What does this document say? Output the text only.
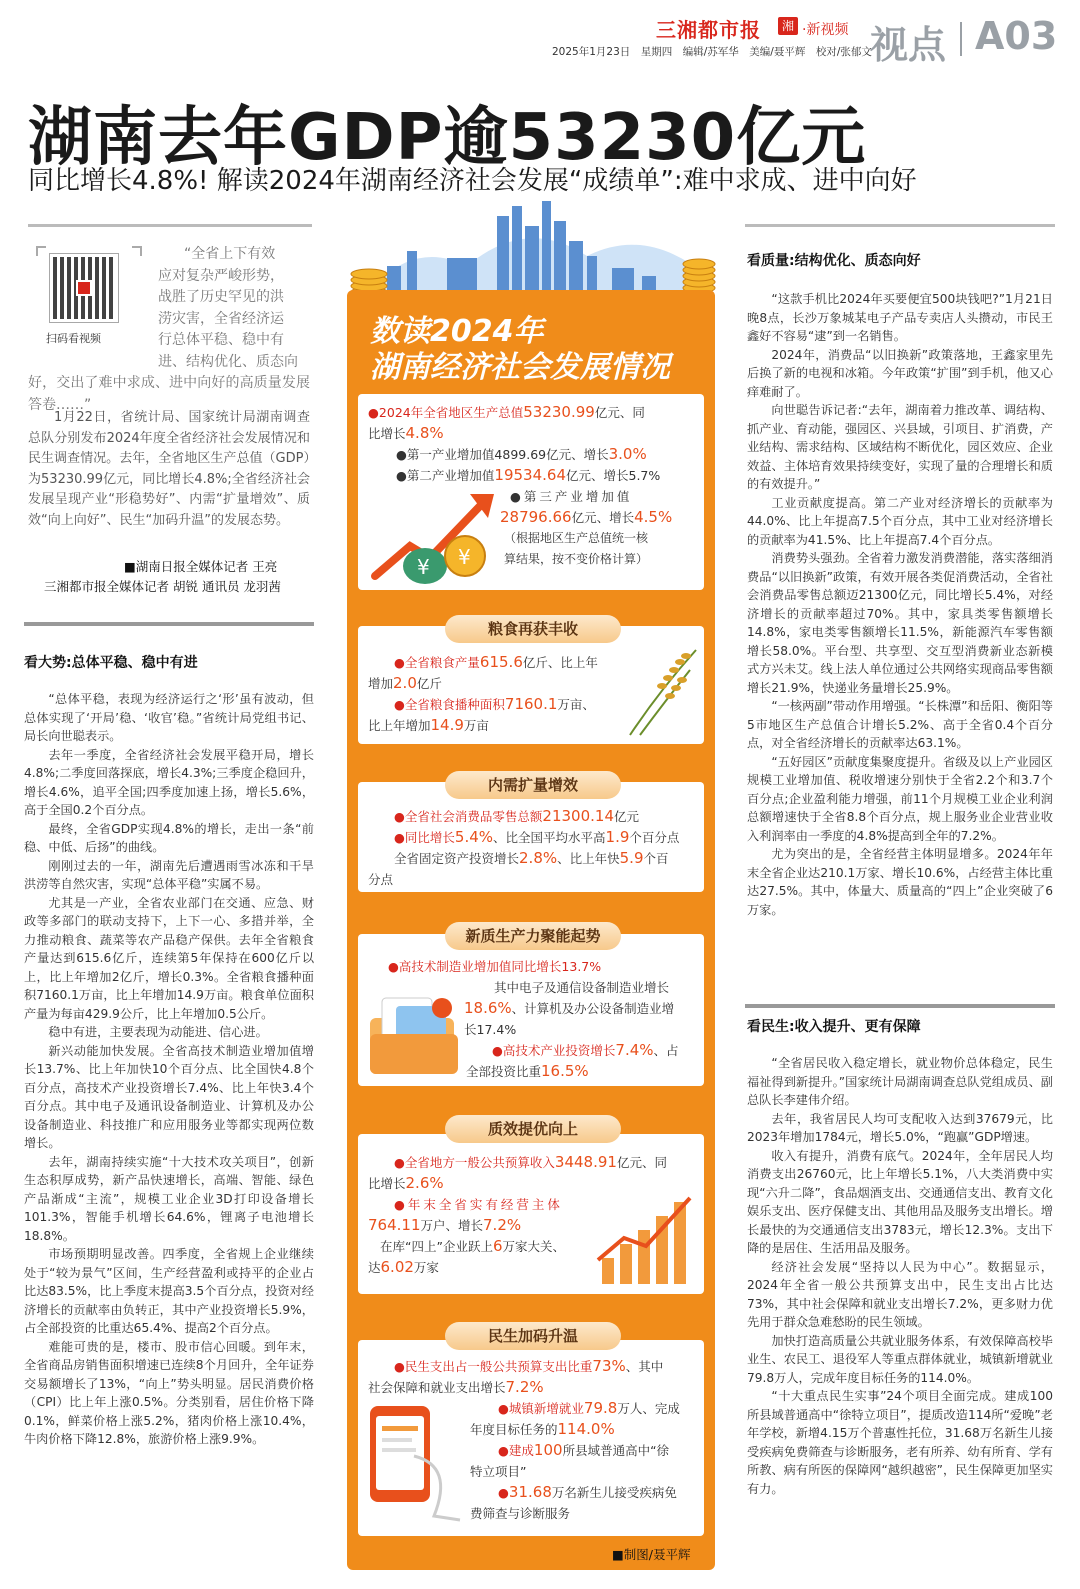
三湘都市报	湘 ·新视频
2025年1月23日　星期四　编辑/苏军华　美编/聂平辉　校对/张郁文
视点 A03
湖南去年GDP逾53230亿元
同比增长4.8%! 解读2024年湖南经济社会发展“成绩单”:难中求成、进中向好
扫码看视频
“全省上下有效
应对复杂严峻形势，
战胜了历史罕见的洪
涝灾害，全省经济运
行总体平稳、稳中有
进、结构优化、质态向
好，交出了难中求成、进中向好的高质量发展答卷……”
1月22日，省统计局、国家统计局湖南调查总队分别发布2024年度全省经济社会发展情况和民生调查情况。去年，全省地区生产总值（GDP）为53230.99亿元，同比增长4.8%;全省经济社会发展呈现产业“形稳势好”、内需“扩量增效”、质效“向上向好”、民生“加码升温”的发展态势。
■湖南日报全媒体记者 王亮
三湘都市报全媒体记者 胡锐 通讯员 龙羽茜
看大势:总体平稳、稳中有进

“总体平稳，表现为经济运行之‘形’虽有波动，但总体实现了‘开局’稳、‘收官’稳。”省统计局党组书记、局长向世聪表示。

去年一季度，全省经济社会发展平稳开局，增长4.8%;二季度回落探底，增长4.3%;三季度企稳回升，增长4.6%，追平全国;四季度加速上扬，增长5.6%，高于全国0.2个百分点。

最终，全省GDP实现4.8%的增长，走出一条“前稳、中低、后扬”的曲线。

刚刚过去的一年，湖南先后遭遇雨雪冰冻和干旱洪涝等自然灾害，实现“总体平稳”实属不易。

尤其是一产业，全省农业部门在交通、应急、财政等多部门的联动支持下，上下一心、多措并举，全力推动粮食、蔬菜等农产品稳产保供。去年全省粮食产量达到615.6亿斤，连续第5年保持在600亿斤以上，比上年增加2亿斤，增长0.3%。全省粮食播种面积7160.1万亩，比上年增加14.9万亩。粮食单位面积产量为每亩429.9公斤，比上年增加0.5公斤。

稳中有进，主要表现为动能进、信心进。

新兴动能加快发展。全省高技术制造业增加值增长13.7%、比上年加快10个百分点、比全国快4.8个百分点，高技术产业投资增长7.4%、比上年快3.4个百分点。其中电子及通讯设备制造业、计算机及办公设备制造业、科技推广和应用服务业等都实现两位数增长。

去年，湖南持续实施“十大技术攻关项目”，创新生态积厚成势，新产品快速增长，高端、智能、绿色产品渐成“主流”，规模工业企业3D打印设备增长101.3%，智能手机增长64.6%，锂离子电池增长18.8%。

市场预期明显改善。四季度，全省规上企业继续处于“较为景气”区间，生产经营盈利或持平的企业占比达83.5%，比上季度末提高3.5个百分点，投资对经济增长的贡献率由负转正，其中产业投资增长5.9%，占全部投资的比重达65.4%、提高2个百分点。

难能可贵的是，楼市、股市信心回暖。到年末，全省商品房销售面积增速已连续8个月回升，全年证券交易额增长了13%，“向上”势头明显。居民消费价格（CPI）比上年上涨0.5%。分类别看，居住价格下降0.1%，鲜菜价格上涨5.2%，猪肉价格上涨10.4%，牛肉价格下降12.8%，旅游价格上涨9.9%。

数读2024年
湖南经济社会发展情况
●2024年全省地区生产总值53230.99亿元、同
比增长4.8%
●第一产业增加值4899.69亿元、增长3.0%
●第二产业增加值19534.64亿元、增长5.7%
●第三产业增加值
28796.66亿元、增长4.5%
（根据地区生产总值统一核
算结果，按不变价格计算）
¥ ¥
粮食再获丰收
●全省粮食产量615.6亿斤、比上年
增加2.0亿斤
●全省粮食播种面积7160.1万亩、
比上年增加14.9万亩
内需扩量增效
●全省社会消费品零售总额21300.14亿元
●同比增长5.4%、比全国平均水平高1.9个百分点
全省固定资产投资增长2.8%、比上年快5.9个百
分点
新质生产力聚能起势
●高技术制造业增加值同比增长13.7%
其中电子及通信设备制造业增长
18.6%、计算机及办公设备制造业增
长17.4%
●高技术产业投资增长7.4%、占
全部投资比重16.5%
质效提优向上
●全省地方一般公共预算收入3448.91亿元、同
比增长2.6%
●年末全省实有经营主体
764.11万户、增长7.2%
在库“四上”企业跃上6万家大关、
达6.02万家
民生加码升温
●民生支出占一般公共预算支出比重73%、其中
社会保障和就业支出增长7.2%
●城镇新增就业79.8万人、完成
年度目标任务的114.0%
●建成100所县域普通高中“徐
特立项目”
●31.68万名新生儿接受疾病免
费筛查与诊断服务
■制图/聂平辉
看质量:结构优化、质态向好

“这款手机比2024年买要便宜500块钱吧?”1月21日晚8点，长沙万象城某电子产品专卖店人头攒动，市民王鑫好不容易“逮”到一名销售。

2024年，消费品“以旧换新”政策落地，王鑫家里先后换了新的电视和冰箱。今年政策“扩围”到手机，他又心痒难耐了。

向世聪告诉记者:“去年，湖南着力推改革、调结构、抓产业、育动能，强园区、兴县域，引项目、扩消费，产业结构、需求结构、区域结构不断优化，园区效应、企业效益、主体培育效果持续变好，实现了量的合理增长和质的有效提升。”

工业贡献度提高。第二产业对经济增长的贡献率为44.0%、比上年提高7.5个百分点，其中工业对经济增长的贡献率为41.5%、比上年提高7.4个百分点。

消费势头强劲。全省着力激发消费潜能，落实落细消费品“以旧换新”政策，有效开展各类促消费活动，全省社会消费品零售总额迈21300亿元，同比增长5.4%，对经济增长的贡献率超过70%。其中，家具类零售额增长14.8%，家电类零售额增长11.5%，新能源汽车零售额增长58.0%。平台型、共享型、交互型消费新业态新模式方兴未艾。线上法人单位通过公共网络实现商品零售额增长21.9%，快递业务量增长25.9%。

“一核两副”带动作用增强。“长株潭”和岳阳、衡阳等5市地区生产总值合计增长5.2%、高于全省0.4个百分点，对全省经济增长的贡献率达63.1%。

“五好园区”贡献度集聚度提升。省级及以上产业园区规模工业增加值、税收增速分别快于全省2.2个和3.7个百分点;企业盈利能力增强，前11个月规模工业企业利润总额增速快于全省8.8个百分点，规上服务业企业营业收入利润率由一季度的4.8%提高到全年的7.2%。

尤为突出的是，全省经营主体明显增多。2024年年末全省企业达210.1万家、增长10.6%，占经营主体比重达27.5%。其中，体量大、质量高的“四上”企业突破了6万家。

看民生:收入提升、更有保障

“全省居民收入稳定增长，就业物价总体稳定，民生福祉得到新提升。”国家统计局湖南调查总队党组成员、副总队长李建伟介绍。

去年，我省居民人均可支配收入达到37679元，比2023年增加1784元，增长5.0%，“跑赢”GDP增速。

收入有提升，消费有底气。2024年，全年居民人均消费支出26760元，比上年增长5.1%，八大类消费中实现“六升二降”，食品烟酒支出、交通通信支出、教育文化娱乐支出、医疗保健支出、其他用品及服务支出增长。增长最快的为交通通信支出3783元，增长12.3%。支出下降的是居住、生活用品及服务。

经济社会发展“坚持以人民为中心”。数据显示，2024年全省一般公共预算支出中，民生支出占比达73%，其中社会保障和就业支出增长7.2%，更多财力优先用于群众急难愁盼的民生领域。

加快打造高质量公共就业服务体系，有效保障高校毕业生、农民工、退役军人等重点群体就业，城镇新增就业79.8万人，完成年度目标任务的114.0%。

“十大重点民生实事”24个项目全面完成。建成100所县域普通高中“徐特立项目”，提质改造114所“爱晚”老年学校，新增4.15万个普惠性托位，31.68万名新生儿接受疾病免费筛查与诊断服务，老有所养、幼有所育、学有所教、病有所医的保障网“越织越密”，民生保障更加坚实有力。
